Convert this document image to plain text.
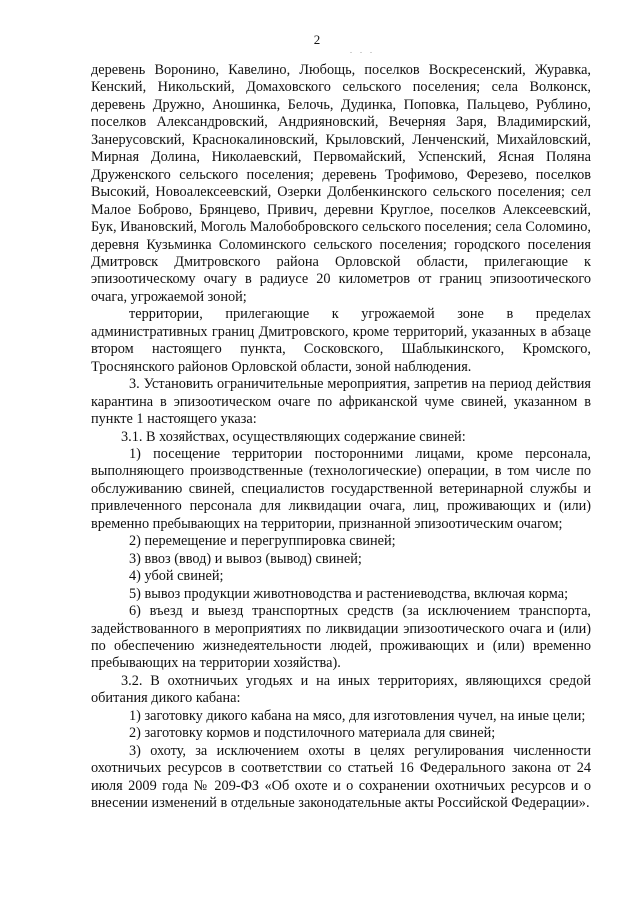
2
. . .

деревень Воронино, Кавелино, Любощь, поселков Воскресенский, Журавка, Кенский, Никольский, Домаховского сельского поселения; села Волконск, деревень Дружно, Аношинка, Белочь, Дудинка, Поповка, Пальцево, Рублино, поселков Александровский, Андрияновский, Вечерняя Заря, Владимирский, Занерусовский, Краснокалиновский, Крыловский, Ленченский, Михайловский, Мирная Долина, Николаевский, Первомайский, Успенский, Ясная Поляна Друженского сельского поселения; деревень Трофимово, Ферезево, поселков Высокий, Новоалексеевский, Озерки Долбенкинского сельского поселения; сел Малое Боброво, Брянцево, Привич, деревни Круглое, поселков Алексеевский, Бук, Ивановский, Моголь Малобобровского сельского поселения; села Соломино, деревня Кузьминка Соломинского сельского поселения; городского поселения Дмитровск Дмитровского района Орловской области, прилегающие к эпизоотическому очагу в радиусе 20 километров от границ эпизоотического очага, угрожаемой зоной;

территории, прилегающие к угрожаемой зоне в пределах административных границ Дмитровского, кроме территорий, указанных в абзаце втором настоящего пункта, Сосковского, Шаблыкинского, Кромского, Троснянского районов Орловской области, зоной наблюдения.

3. Установить ограничительные мероприятия, запретив на период действия карантина в эпизоотическом очаге по африканской чуме свиней, указанном в пункте 1 настоящего указа:

3.1. В хозяйствах, осуществляющих содержание свиней:

1) посещение территории посторонними лицами, кроме персонала, выполняющего производственные (технологические) операции, в том числе по обслуживанию свиней, специалистов государственной ветеринарной службы и привлеченного персонала для ликвидации очага, лиц, проживающих и (или) временно пребывающих на территории, признанной эпизоотическим очагом;

2) перемещение и перегруппировка свиней;

3) ввоз (ввод) и вывоз (вывод) свиней;

4) убой свиней;

5) вывоз продукции животноводства и растениеводства, включая корма;

6) въезд и выезд транспортных средств (за исключением транспорта, задействованного в мероприятиях по ликвидации эпизоотического очага и (или) по обеспечению жизнедеятельности людей, проживающих и (или) временно пребывающих на территории хозяйства).

3.2. В охотничьих угодьях и на иных территориях, являющихся средой обитания дикого кабана:

1) заготовку дикого кабана на мясо, для изготовления чучел, на иные цели;

2) заготовку кормов и подстилочного материала для свиней;

3) охоту, за исключением охоты в целях регулирования численности охотничьих ресурсов в соответствии со статьей 16 Федерального закона от 24 июля 2009 года № 209-ФЗ «Об охоте и о сохранении охотничьих ресурсов и о внесении изменений в отдельные законодательные акты Российской Федерации».
